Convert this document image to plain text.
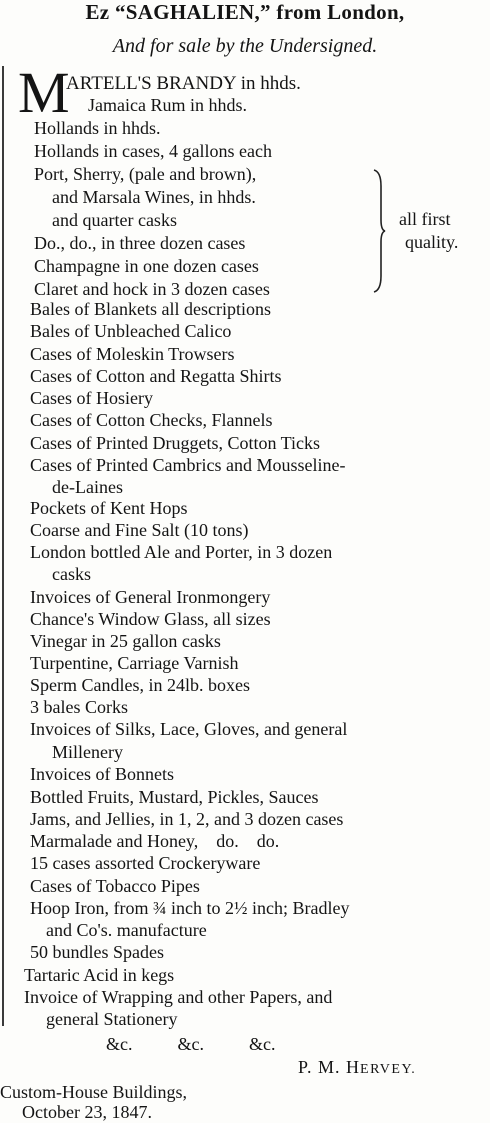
Ez “SAGHALIEN,” from London,
And for sale by the Undersigned.
M
ARTELL'S BRANDY in hhds.
Jamaica Rum in hhds.
Hollands in hhds.
Hollands in cases, 4 gallons each
Port, Sherry, (pale and brown),
and Marsala Wines, in hhds.
and quarter casks
Do., do., in three dozen cases
Champagne in one dozen cases
Claret and hock in 3 dozen cases
Bales of Blankets all descriptions
Bales of Unbleached Calico
Cases of Moleskin Trowsers
Cases of Cotton and Regatta Shirts
Cases of Hosiery
Cases of Cotton Checks, Flannels
Cases of Printed Druggets, Cotton Ticks
Cases of Printed Cambrics and Mousseline-
de-Laines
Pockets of Kent Hops
Coarse and Fine Salt (10 tons)
London bottled Ale and Porter, in 3 dozen
casks
Invoices of General Ironmongery
Chance's Window Glass, all sizes
Vinegar in 25 gallon casks
Turpentine, Carriage Varnish
Sperm Candles, in 24lb. boxes
3 bales Corks
Invoices of Silks, Lace, Gloves, and general
Millenery
Invoices of Bonnets
Bottled Fruits, Mustard, Pickles, Sauces
Jams, and Jellies, in 1, 2, and 3 dozen cases
Marmalade and Honey,    do.    do.
15 cases assorted Crockeryware
Cases of Tobacco Pipes
Hoop Iron, from ¾ inch to 2½ inch; Bradley
and Co's. manufacture
50 bundles Spades
Tartaric Acid in kegs
Invoice of Wrapping and other Papers, and
general Stationery
&c.          &c.          &c.
all first
quality.
P. M. HERVEY.
Custom-House Buildings,
October 23, 1847.
